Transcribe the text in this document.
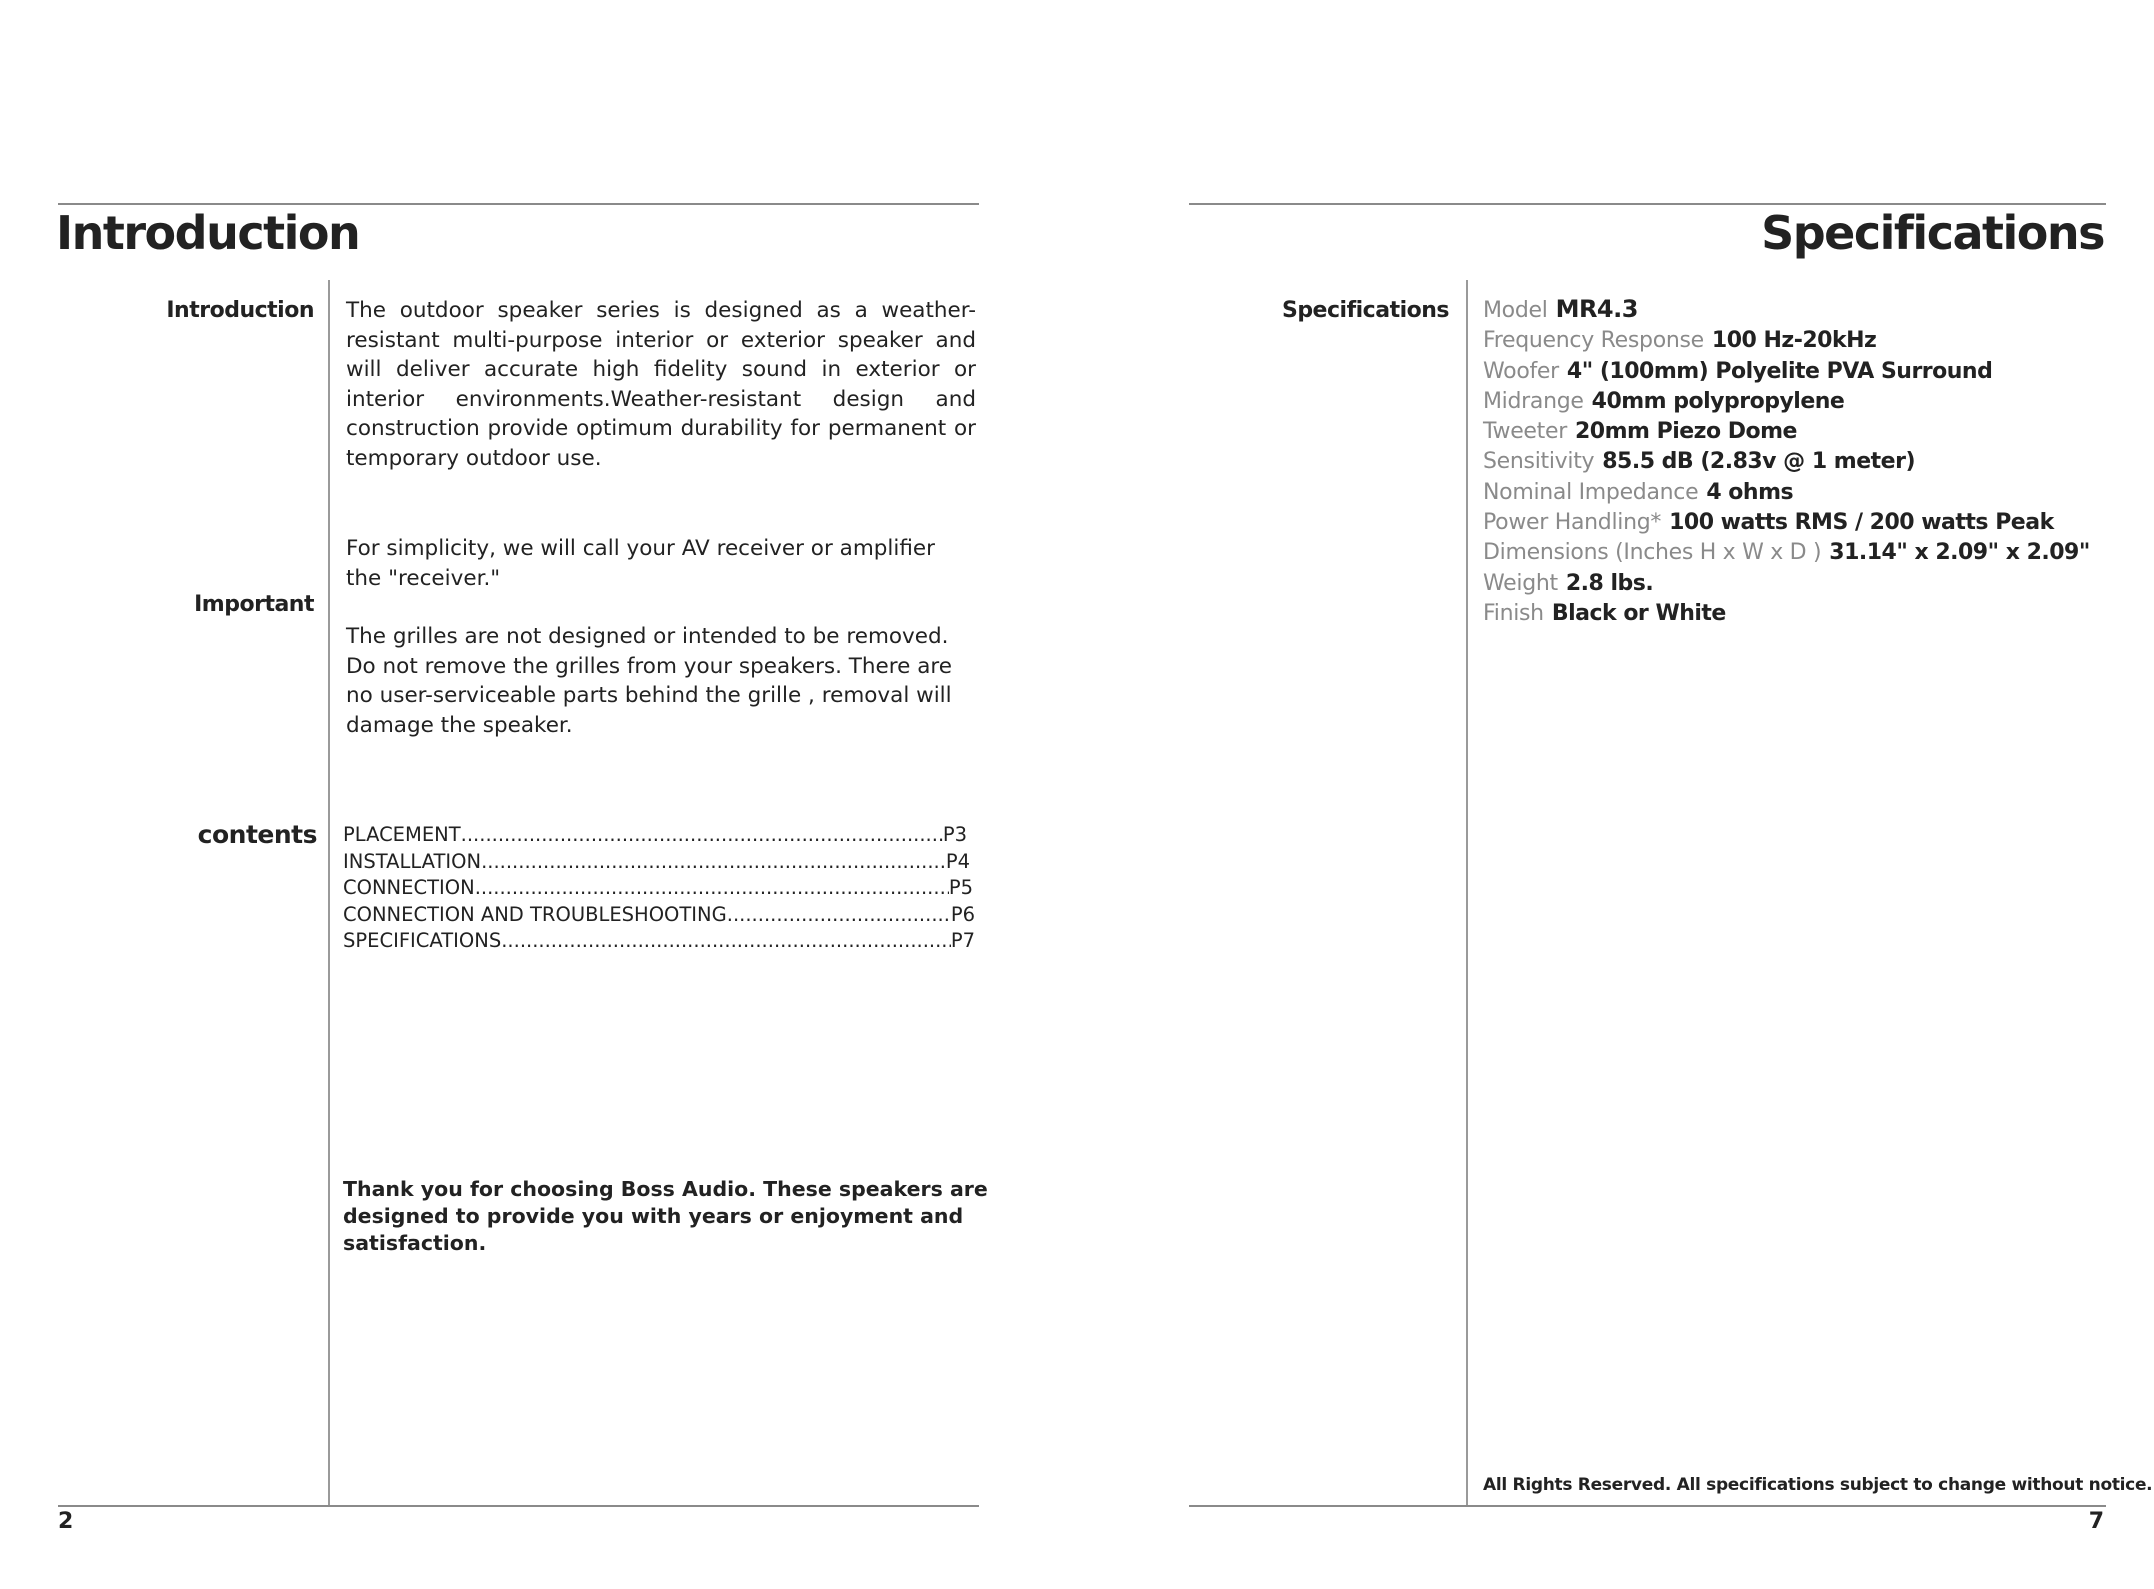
Introduction
Introduction
Important
contents
The outdoor speaker series is designed as a weather-resistant multi-purpose interior or exterior speaker and will deliver accurate high fidelity sound in exterior or interior environments.Weather-resistant design and construction provide optimum durability for permanent or temporary outdoor use.
For simplicity, we will call your AV receiver or amplifier the "receiver."
The grilles are not designed or intended to be removed. Do not remove the grilles from your speakers. There are no user-serviceable parts behind the grille , removal will damage the speaker.
PLACEMENT .....	P3
INSTALLATION .....	P4
CONNECTION .....	P5
CONNECTION AND TROUBLESHOOTING .....	P6
SPECIFICATIONS .....	P7
Thank you for choosing Boss Audio. These speakers are designed to provide you with years or enjoyment and satisfaction.
2
Specifications
Specifications Model MR4.3
Frequency Response 100 Hz-20kHz
Woofer 4" (100mm) Polyelite PVA Surround
Midrange 40mm polypropylene
Tweeter 20mm Piezo Dome
Sensitivity 85.5 dB (2.83v @ 1 meter)
Nominal Impedance 4 ohms
Power Handling* 100 watts RMS / 200 watts Peak
Dimensions (Inches H x W x D ) 31.14" x 2.09" x 2.09"
Weight 2.8 lbs.
Finish Black or White
All Rights Reserved. All specifications subject to change without notice.
7
